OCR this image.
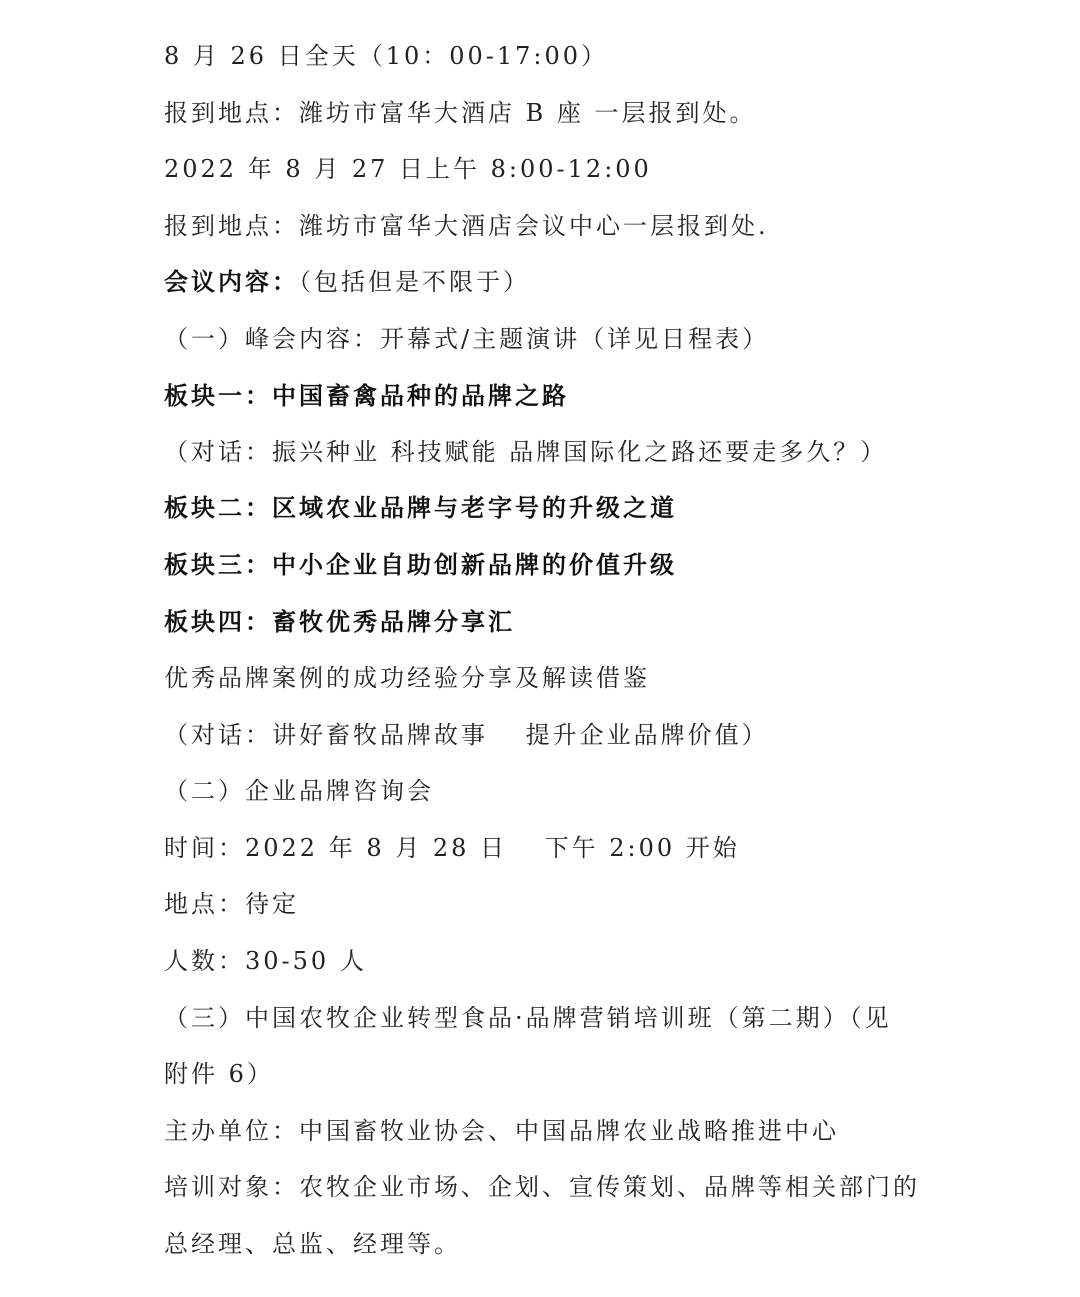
8 月 26 日全天（10：00-17:00）
报到地点：潍坊市富华大酒店 B 座 一层报到处。
2022 年 8 月 27 日上午 8:00-12:00
报到地点：潍坊市富华大酒店会议中心一层报到处.
会议内容：（包括但是不限于）
（一）峰会内容：开幕式/主题演讲（详见日程表）
板块一：中国畜禽品种的品牌之路
（对话：振兴种业 科技赋能 品牌国际化之路还要走多久？）
板块二：区域农业品牌与老字号的升级之道
板块三：中小企业自助创新品牌的价值升级
板块四：畜牧优秀品牌分享汇
优秀品牌案例的成功经验分享及解读借鉴
（对话：讲好畜牧品牌故事　 提升企业品牌价值）
（二）企业品牌咨询会
时间：2022 年 8 月 28 日　 下午 2:00 开始
地点：待定
人数：30-50 人
（三）中国农牧企业转型食品·品牌营销培训班（第二期）（见
附件 6）
主办单位：中国畜牧业协会、中国品牌农业战略推进中心
培训对象：农牧企业市场、企划、宣传策划、品牌等相关部门的
总经理、总监、经理等。
